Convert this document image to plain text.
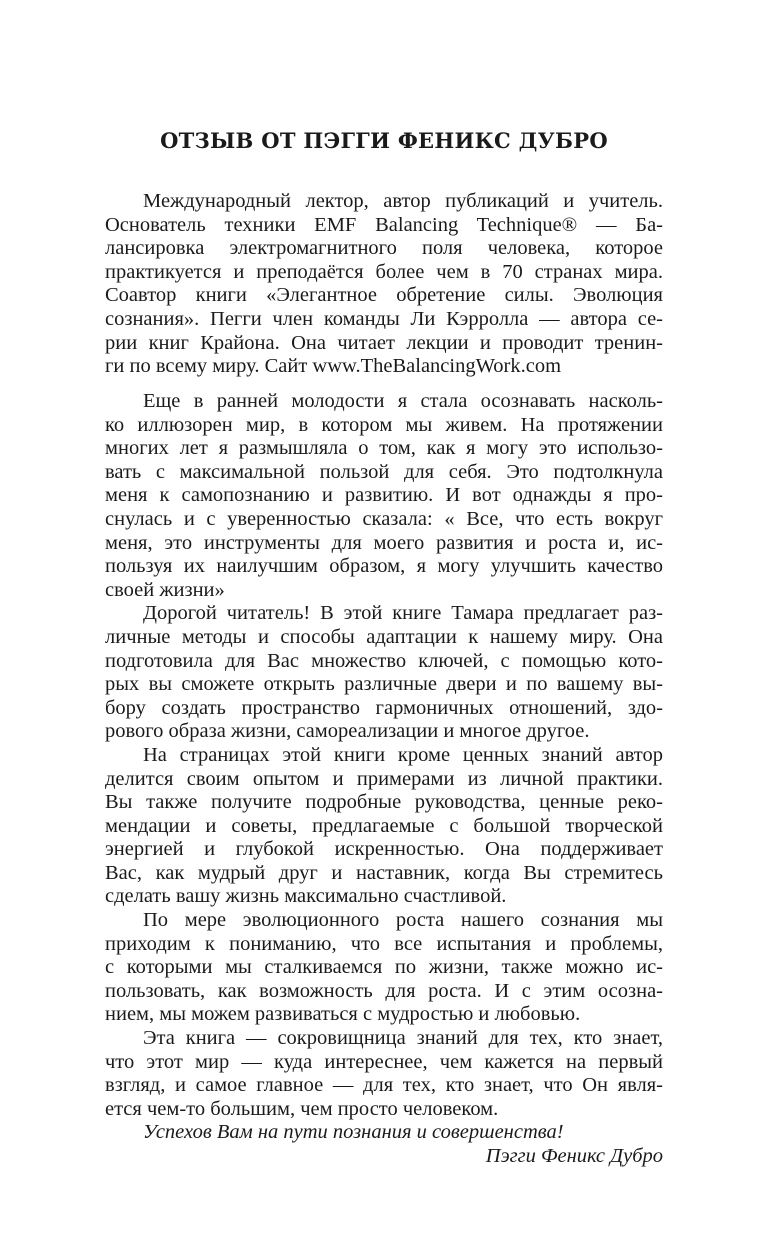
ОТЗЫВ ОТ ПЭГГИ ФЕНИКС ДУБРО
Международный лектор, автор публикаций и учитель.
Основатель техники EMF Balancing Technique® — Ба-
лансировка электромагнитного поля человека, которое
практикуется и преподаётся более чем в 70 странах мира.
Соавтор книги «Элегантное обретение силы. Эволюция
сознания». Пегги член команды Ли Кэрролла — автора се-
рии книг Крайона. Она читает лекции и проводит тренин-
ги по всему миру. Сайт www.TheBalancingWork.com
Еще в ранней молодости я стала осознавать насколь-
ко иллюзорен мир, в котором мы живем. На протяжении
многих лет я размышляла о том, как я могу это использо-
вать с максимальной пользой для себя. Это подтолкнула
меня к самопознанию и развитию. И вот однажды я про-
снулась и с уверенностью сказала: « Все, что есть вокруг
меня, это инструменты для моего развития и роста и, ис-
пользуя их наилучшим образом, я могу улучшить качество
своей жизни»
Дорогой читатель! В этой книге Тамара предлагает раз-
личные методы и способы адаптации к нашему миру. Она
подготовила для Вас множество ключей, с помощью кото-
рых вы сможете открыть различные двери и по вашему вы-
бору создать пространство гармоничных отношений, здо-
рового образа жизни, самореализации и многое другое.
На страницах этой книги кроме ценных знаний автор
делится своим опытом и примерами из личной практики.
Вы также получите подробные руководства, ценные реко-
мендации и советы, предлагаемые с большой творческой
энергией и глубокой искренностью. Она поддерживает
Вас, как мудрый друг и наставник, когда Вы стремитесь
сделать вашу жизнь максимально счастливой.
По мере эволюционного роста нашего сознания мы
приходим к пониманию, что все испытания и проблемы,
с которыми мы сталкиваемся по жизни, также можно ис-
пользовать, как возможность для роста. И с этим осозна-
нием, мы можем развиваться с мудростью и любовью.
Эта книга — сокровищница знаний для тех, кто знает,
что этот мир — куда интереснее, чем кажется на первый
взгляд, и самое главное — для тех, кто знает, что Он явля-
ется чем-то большим, чем просто человеком.
Успехов Вам на пути познания и совершенства!
Пэгги Феникс Дубро
